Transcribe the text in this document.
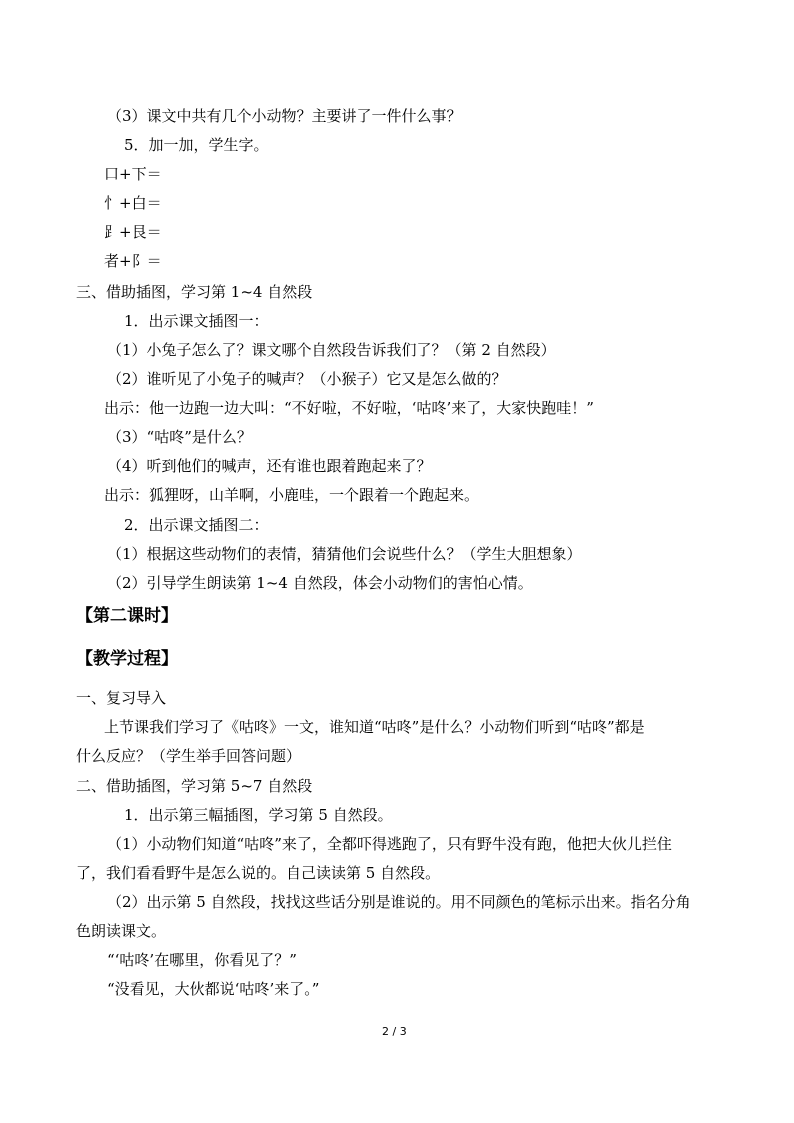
（3）课文中共有几个小动物？主要讲了一件什么事？
5．加一加，学生字。
口+下＝
忄+白＝
⻊+艮＝
者+阝＝
三、借助插图，学习第 1~4 自然段
1．出示课文插图一：
（1）小兔子怎么了？课文哪个自然段告诉我们了？（第 2 自然段）
（2）谁听见了小兔子的喊声？（小猴子）它又是怎么做的？
出示：他一边跑一边大叫：“不好啦，不好啦，‘咕咚’来了，大家快跑哇！”
（3）“咕咚”是什么？
（4）听到他们的喊声，还有谁也跟着跑起来了？
出示：狐狸呀，山羊啊，小鹿哇，一个跟着一个跑起来。
2．出示课文插图二：
（1）根据这些动物们的表情，猜猜他们会说些什么？（学生大胆想象）
（2）引导学生朗读第 1~4 自然段，体会小动物们的害怕心情。
【第二课时】
【教学过程】
一、复习导入
上节课我们学习了《咕咚》一文，谁知道“咕咚”是什么？小动物们听到“咕咚”都是
什么反应？（学生举手回答问题）
二、借助插图，学习第 5~7 自然段
1．出示第三幅插图，学习第 5 自然段。
（1）小动物们知道“咕咚”来了，全都吓得逃跑了，只有野牛没有跑，他把大伙儿拦住
了，我们看看野牛是怎么说的。自己读读第 5 自然段。
（2）出示第 5 自然段，找找这些话分别是谁说的。用不同颜色的笔标示出来。指名分角
色朗读课文。
“‘咕咚’在哪里，你看见了？”
“没看见，大伙都说‘咕咚’来了。”
2 / 3
